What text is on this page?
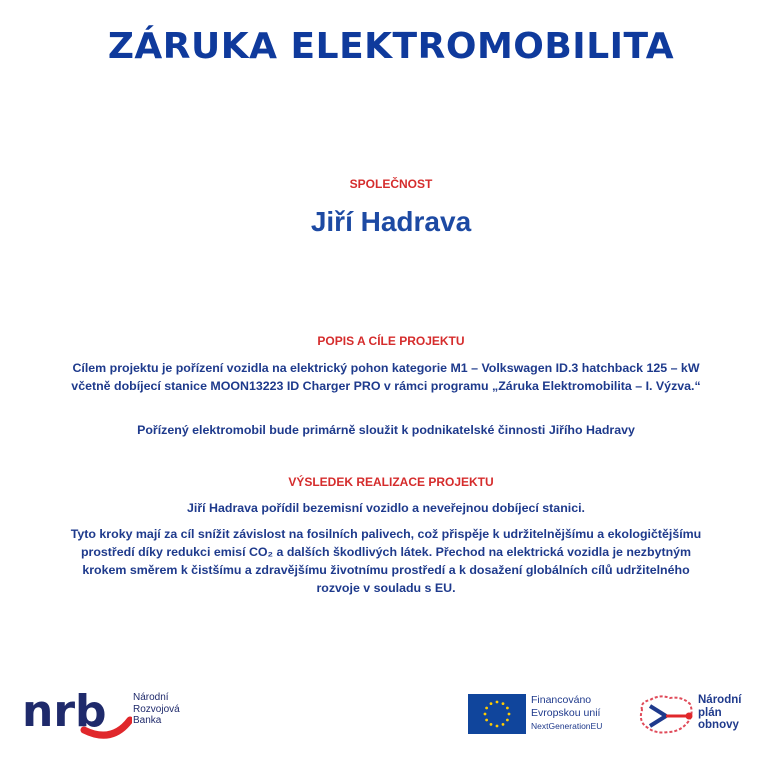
ZÁRUKA ELEKTROMOBILITA
SPOLEČNOST
Jiří Hadrava
POPIS A CÍLE PROJEKTU
Cílem projektu je pořízení vozidla na elektrický pohon kategorie M1 – Volkswagen ID.3 hatchback 125 – kW včetně dobíjecí stanice MOON13223 ID Charger PRO v rámci programu „Záruka Elektromobilita – I. Výzva.“
Pořízený elektromobil bude primárně sloužit k podnikatelské činnosti Jiřího Hadravy
VÝSLEDEK REALIZACE PROJEKTU
Jiří Hadrava pořídil bezemisní vozidlo a neveřejnou dobíjecí stanici.
Tyto kroky mají za cíl snížit závislost na fosilních palivech, což přispěje k udržitelnějšímu a ekologičtějšímu prostředí díky redukci emisí CO₂ a dalších škodlivých látek. Přechod na elektrická vozidla je nezbytným krokem směrem k čistšímu a zdravějšímu životnímu prostředí a k dosažení globálních cílů udržitelného rozvoje v souladu s EU.
nrb	Národní
Rozvojová
Banka
Financováno
Evropskou unií
NextGenerationEU
Národní
plán
obnovy
